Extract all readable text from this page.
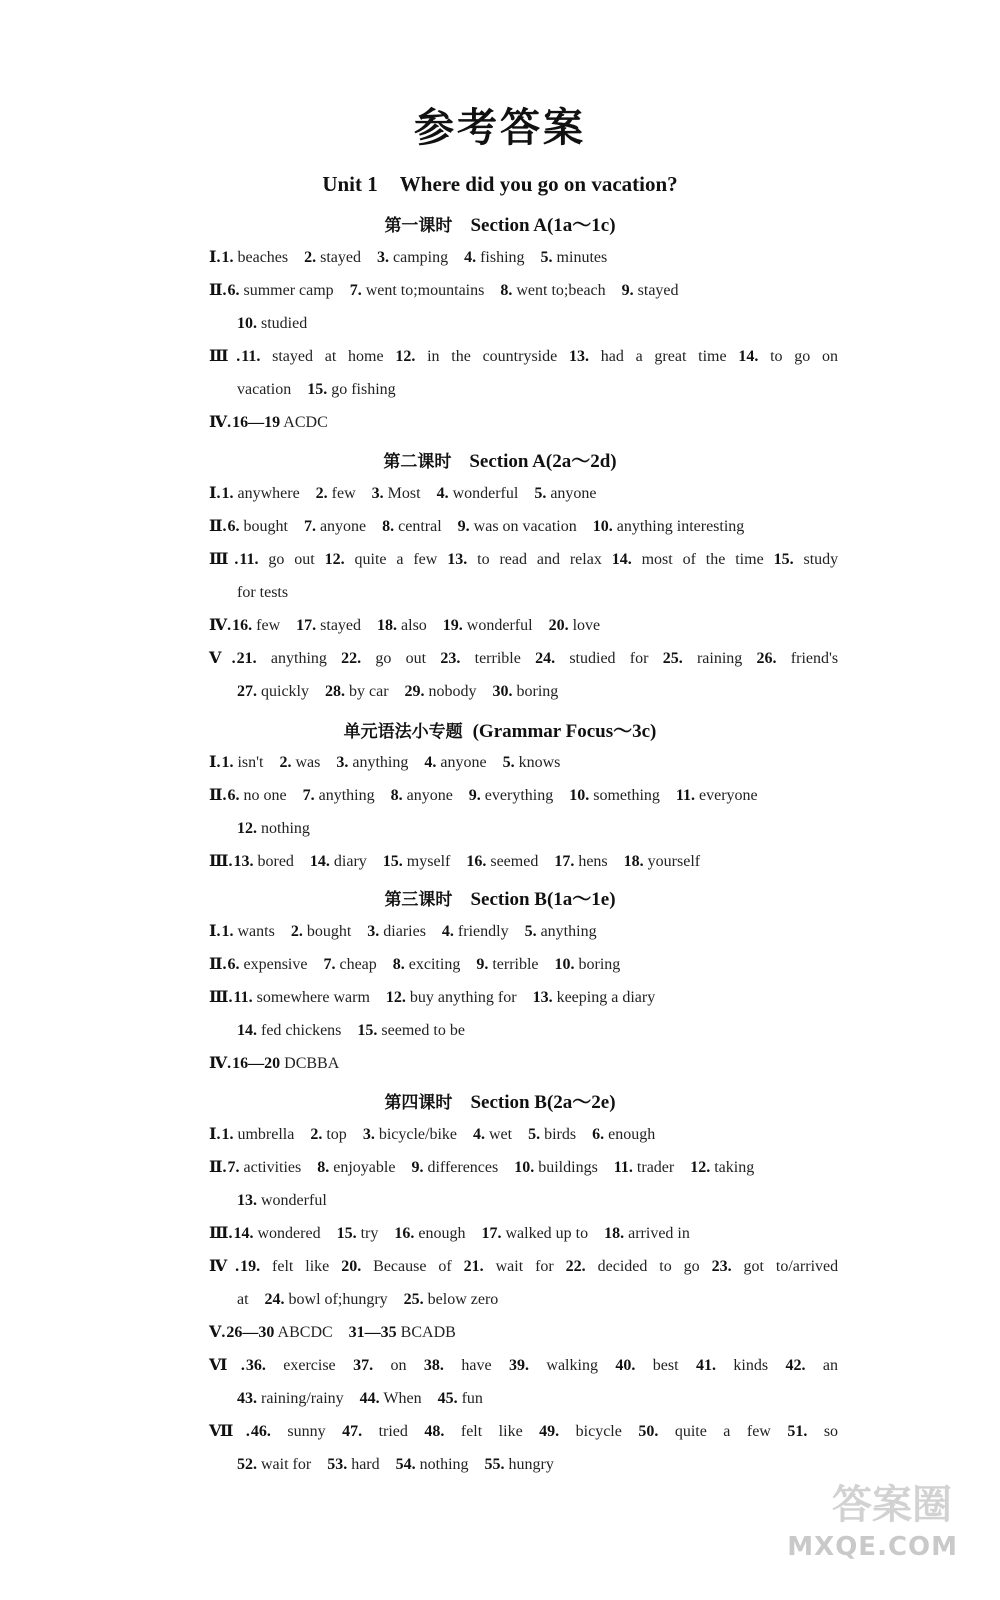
参考答案
Unit 1 Where did you go on vacation?
第一课时 Section A(1a～1c)
Ⅰ.1. beaches 2. stayed 3. camping 4. fishing 5. minutes
Ⅱ.6. summer camp 7. went to;mountains 8. went to;beach 9. stayed
10. studied
Ⅲ.11. stayed at home 12. in the countryside 13. had a great time 14. to go on
vacation 15. go fishing
Ⅳ.16—19 ACDC
第二课时 Section A(2a～2d)
Ⅰ.1. anywhere 2. few 3. Most 4. wonderful 5. anyone
Ⅱ.6. bought 7. anyone 8. central 9. was on vacation 10. anything interesting
Ⅲ.11. go out 12. quite a few 13. to read and relax 14. most of the time 15. study
for tests
Ⅳ.16. few 17. stayed 18. also 19. wonderful 20. love
Ⅴ.21. anything 22. go out 23. terrible 24. studied for 25. raining 26. friend's
27. quickly 28. by car 29. nobody 30. boring
单元语法小专题 (Grammar Focus～3c)
Ⅰ.1. isn't 2. was 3. anything 4. anyone 5. knows
Ⅱ.6. no one 7. anything 8. anyone 9. everything 10. something 11. everyone
12. nothing
Ⅲ.13. bored 14. diary 15. myself 16. seemed 17. hens 18. yourself
第三课时 Section B(1a～1e)
Ⅰ.1. wants 2. bought 3. diaries 4. friendly 5. anything
Ⅱ.6. expensive 7. cheap 8. exciting 9. terrible 10. boring
Ⅲ.11. somewhere warm 12. buy anything for 13. keeping a diary
14. fed chickens 15. seemed to be
Ⅳ.16—20 DCBBA
第四课时 Section B(2a～2e)
Ⅰ.1. umbrella 2. top 3. bicycle/bike 4. wet 5. birds 6. enough
Ⅱ.7. activities 8. enjoyable 9. differences 10. buildings 11. trader 12. taking
13. wonderful
Ⅲ.14. wondered 15. try 16. enough 17. walked up to 18. arrived in
Ⅳ.19. felt like 20. Because of 21. wait for 22. decided to go 23. got to/arrived
at 24. bowl of;hungry 25. below zero
Ⅴ.26—30 ABCDC 31—35 BCADB
Ⅵ.36. exercise 37. on 38. have 39. walking 40. best 41. kinds 42. an
43. raining/rainy 44. When 45. fun
Ⅶ.46. sunny 47. tried 48. felt like 49. bicycle 50. quite a few 51. so
52. wait for 53. hard 54. nothing 55. hungry
答案圈
MXQE.COM
